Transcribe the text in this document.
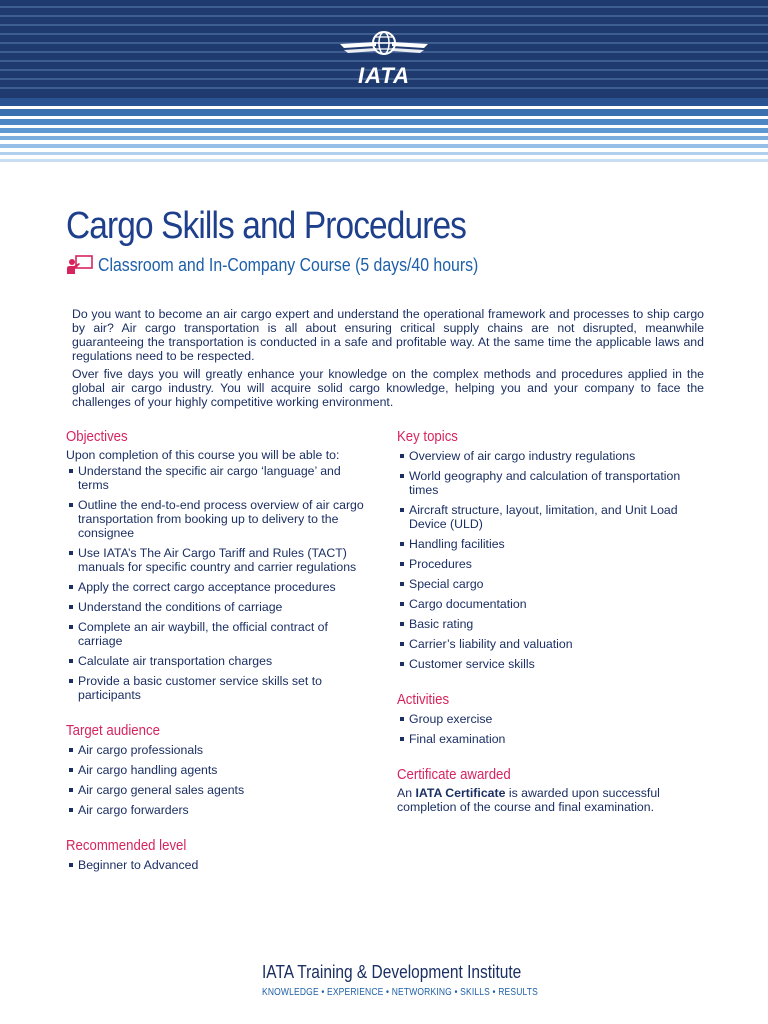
IATA
Cargo Skills and Procedures
Classroom and In-Company Course (5 days/40 hours)

Do you want to become an air cargo expert and understand the operational framework and processes to ship cargo by air? Air cargo transportation is all about ensuring critical supply chains are not disrupted, meanwhile guaranteeing the transportation is conducted in a safe and profitable way. At the same time the applicable laws and regulations need to be respected.

Over five days you will greatly enhance your knowledge on the complex methods and procedures applied in the global air cargo industry. You will acquire solid cargo knowledge, helping you and your company to face the challenges of your highly competitive working environment.

Objectives
Upon completion of this course you will be able to:
Understand the specific air cargo ‘language’ and terms
Outline the end-to-end process overview of air cargo transportation from booking up to delivery to the consignee
Use IATA’s The Air Cargo Tariff and Rules (TACT) manuals for specific country and carrier regulations
Apply the correct cargo acceptance procedures
Understand the conditions of carriage
Complete an air waybill, the official contract of carriage
Calculate air transportation charges
Provide a basic customer service skills set to participants
Target audience
Air cargo professionals
Air cargo handling agents
Air cargo general sales agents
Air cargo forwarders
Recommended level
Beginner to Advanced
Key topics
Overview of air cargo industry regulations
World geography and calculation of transportation times
Aircraft structure, layout, limitation, and Unit Load Device (ULD)
Handling facilities
Procedures
Special cargo
Cargo documentation
Basic rating
Carrier’s liability and valuation
Customer service skills
Activities
Group exercise
Final examination
Certificate awarded
An IATA Certificate is awarded upon successful completion of the course and final examination.
IATA Training & Development Institute
KNOWLEDGE • EXPERIENCE • NETWORKING • SKILLS • RESULTS
